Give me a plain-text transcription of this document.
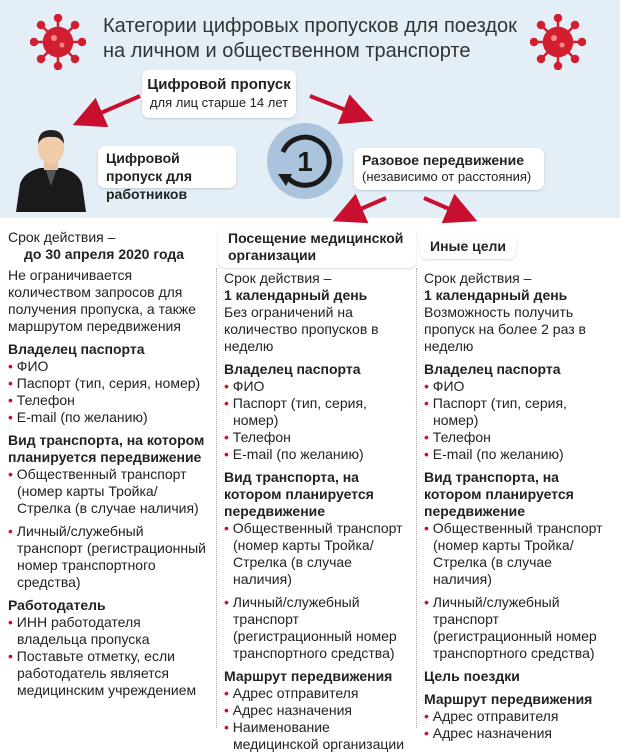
Категории цифровых пропусков для поездок на личном и общественном транспорте
Цифровой пропуск
для лиц старше 14 лет
Цифровой пропуск для работников
1	Разовое передвижение
(независимо от расстояния)
Посещение медицинской организации
Иные цели
Срок действия –
до 30 апреля 2020 года
Не ограничивается количеством запросов для получения пропуска, а также маршрутом передвижения
Владелец паспорта
• ФИО
• Паспорт (тип, серия, номер)
• Телефон
• E-mail (по желанию)
Вид транспорта, на котором планируется передвижение
• Общественный транспорт (номер карты Тройка/Стрелка (в случае наличия)
• Личный/служебный транспорт (регистрационный номер транспортного средства)
Работодатель
• ИНН работодателя владельца пропуска
• Поставьте отметку, если работодатель является медицинским учреждением
Срок действия –
1 календарный день
Без ограничений на количество пропусков в неделю
Владелец паспорта
• ФИО
• Паспорт (тип, серия, номер)
• Телефон
• E-mail (по желанию)
Вид транспорта, на котором планируется передвижение
• Общественный транспорт (номер карты Тройка/Стрелка (в случае наличия)
• Личный/служебный транспорт (регистрационный номер транспортного средства)
Маршрут передвижения
• Адрес отправителя
• Адрес назначения
• Наименование медицинской организации
Срок действия –
1 календарный день
Возможность получить пропуск на более 2 раз в неделю
Владелец паспорта
• ФИО
• Паспорт (тип, серия, номер)
• Телефон
• E-mail (по желанию)
Вид транспорта, на котором планируется передвижение
• Общественный транспорт (номер карты Тройка/Стрелка (в случае наличия)
• Личный/служебный транспорт (регистрационный номер транспортного средства)
Цель поездки
Маршрут передвижения
• Адрес отправителя
• Адрес назначения
